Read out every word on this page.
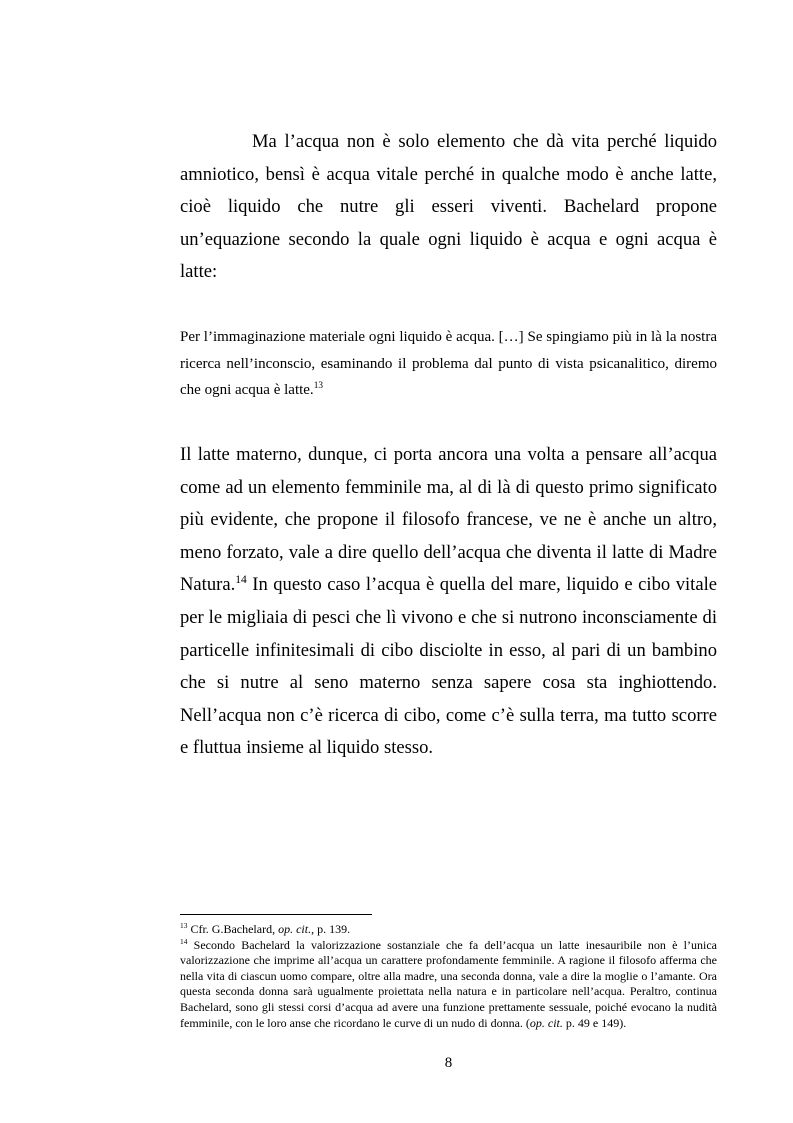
Ma l’acqua non è solo elemento che dà vita perché liquido amniotico, bensì è acqua vitale perché in qualche modo è anche latte, cioè liquido che nutre gli esseri viventi. Bachelard propone un’equazione secondo la quale ogni liquido è acqua e ogni acqua è latte:

Per l’immaginazione materiale ogni liquido è acqua. […] Se spingiamo più in là la nostra ricerca nell’inconscio, esaminando il problema dal punto di vista psicanalitico, diremo che ogni acqua è latte.$^{13}$

Il latte materno, dunque, ci porta ancora una volta a pensare all’acqua come ad un elemento femminile ma, al di là di questo primo significato più evidente, che propone il filosofo francese, ve ne è anche un altro, meno forzato, vale a dire quello dell’acqua che diventa il latte di Madre Natura.$^{14}$ In questo caso l’acqua è quella del mare, liquido e cibo vitale per le migliaia di pesci che lì vivono e che si nutrono inconsciamente di particelle infinitesimali di cibo disciolte in esso, al pari di un bambino che si nutre al seno materno senza sapere cosa sta inghiottendo. Nell’acqua non c’è ricerca di cibo, come c’è sulla terra, ma tutto scorre e fluttua insieme al liquido stesso.

$^{13}$ Cfr. G.Bachelard, op. cit., p. 139.

$^{14}$ Secondo Bachelard la valorizzazione sostanziale che fa dell’acqua un latte inesauribile non è l’unica valorizzazione che imprime all’acqua un carattere profondamente femminile. A ragione il filosofo afferma che nella vita di ciascun uomo compare, oltre alla madre, una seconda donna, vale a dire la moglie o l’amante. Ora questa seconda donna sarà ugualmente proiettata nella natura e in particolare nell’acqua. Peraltro, continua Bachelard, sono gli stessi corsi d’acqua ad avere una funzione prettamente sessuale, poiché evocano la nudità femminile, con le loro anse che ricordano le curve di un nudo di donna. (op. cit. p. 49 e 149).

8
